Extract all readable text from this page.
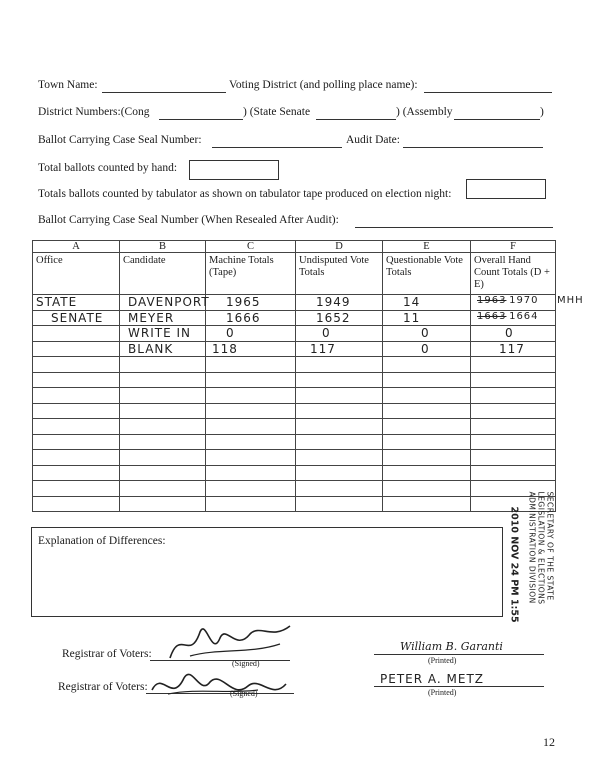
Town Name:	Voting District (and polling place name):
District Numbers:(Cong	) (State Senate	) (Assembly	)
Ballot Carrying Case Seal Number:	Audit Date:
Total ballots counted by hand:
Totals ballots counted by tabulator as shown on tabulator tape produced on election night:
Ballot Carrying Case Seal Number (When Resealed After Audit):
A	B	C	D	E	F
Office	Candidate	Machine Totals (Tape)	Undisputed Vote Totals	Questionable Vote Totals	Overall Hand Count Totals (D + E)
STATE	DAVENPORT	1965	1949	14	1963 1970 MHH

SENATE	MEYER	1666	1652	11	1663 1664
	WRITE IN	0	0	0	0
	BLANK	118	117	0	117

Explanation of Differences:
Registrar of Voters:
(Signed)
William B. Garanti
(Printed)
Registrar of Voters:
(Signed)
PETER A. METZ
(Printed)
SECRETARY OF THE STATE
LEGISLATION & ELECTIONS
ADMINISTRATION DIVISION
2010 NOV 24 PM 1:55
12
